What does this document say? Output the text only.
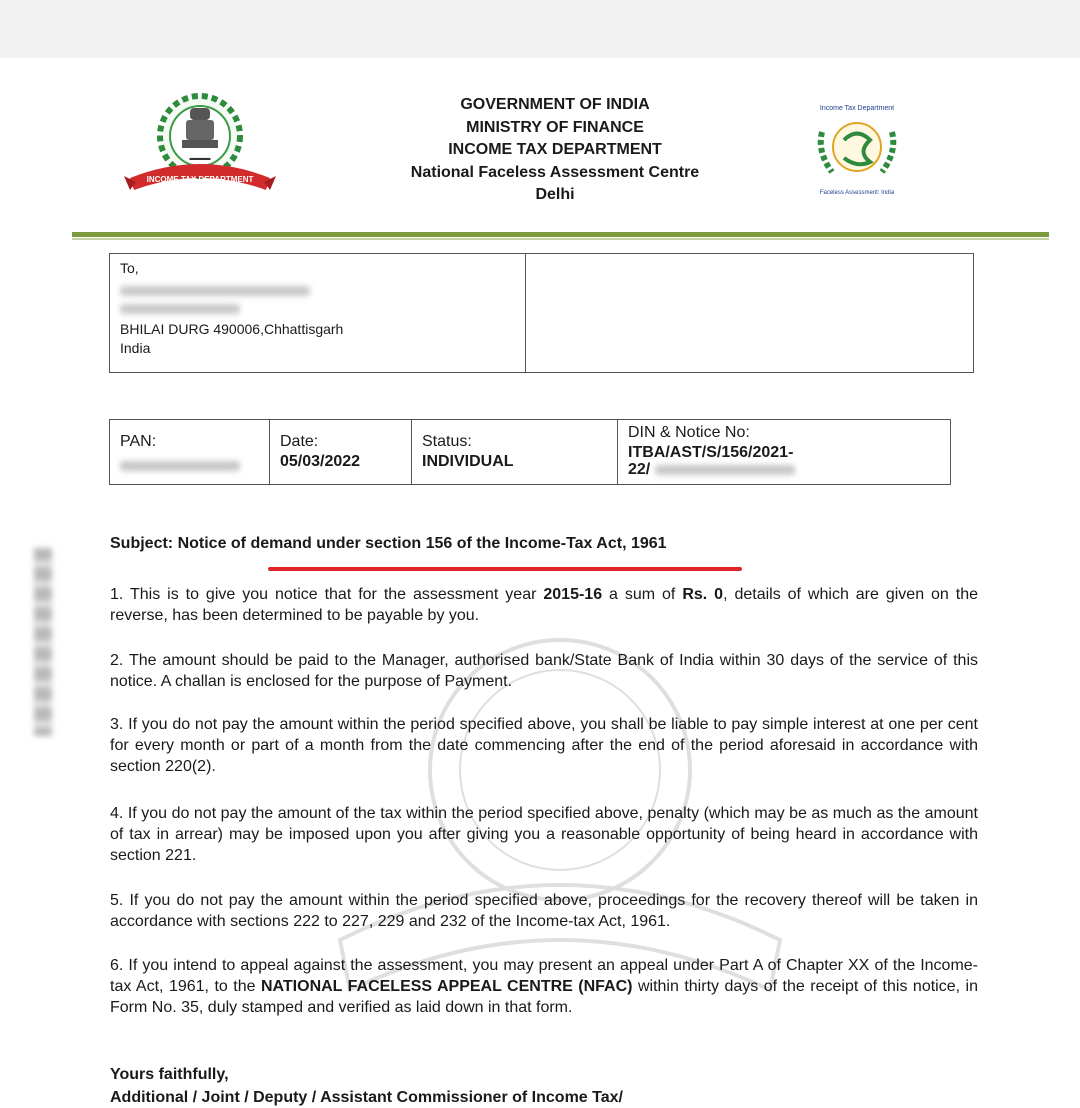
▬▬▬
INCOME TAX DEPARTMENT
Income Tax Department
Faceless Assessment: India
GOVERNMENT OF INDIA
MINISTRY OF FINANCE
INCOME TAX DEPARTMENT
National Faceless Assessment Centre
Delhi
To,
BHILAI DURG 490006,Chhattisgarh
India
PAN:	Date:
05/03/2022
Status:
INDIVIDUAL
DIN & Notice No:
ITBA/AST/S/156/2021-
22/
Subject: Notice of demand under section 156 of the Income-Tax Act, 1961
1. This is to give you notice that for the assessment year 2015-16 a sum of Rs. 0, details of which are given on the reverse, has been determined to be payable by you.
2. The amount should be paid to the Manager, authorised bank/State Bank of India within 30 days of the service of this notice. A challan is enclosed for the purpose of Payment.
3. If you do not pay the amount within the period specified above, you shall be liable to pay simple interest at one per cent for every month or part of a month from the date commencing after the end of the period aforesaid in accordance with section 220(2).
4. If you do not pay the amount of the tax within the period specified above, penalty (which may be as much as the amount of tax in arrear) may be imposed upon you after giving you a reasonable opportunity of being heard in accordance with section 221.
5. If you do not pay the amount within the period specified above, proceedings for the recovery thereof will be taken in accordance with sections 222 to 227, 229 and 232 of the Income-tax Act, 1961.
6. If you intend to appeal against the assessment, you may present an appeal under Part A of Chapter XX of the Income-tax Act, 1961, to the NATIONAL FACELESS APPEAL CENTRE (NFAC) within thirty days of the receipt of this notice, in Form No. 35, duly stamped and verified as laid down in that form.
Yours faithfully,
Additional / Joint / Deputy / Assistant Commissioner of Income Tax/
